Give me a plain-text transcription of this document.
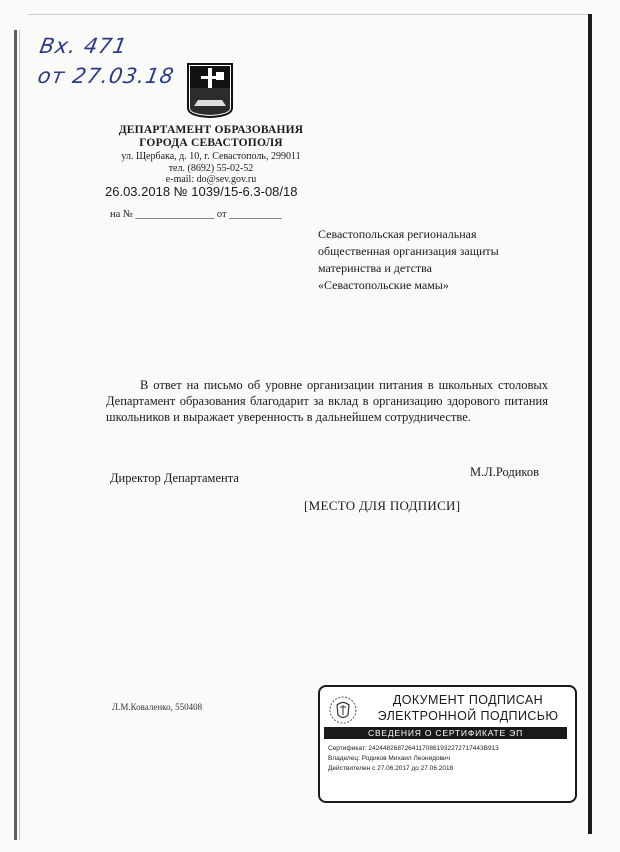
Вх. 471
от 27.03.18
ДЕПАРТАМЕНТ ОБРАЗОВАНИЯ
ГОРОДА СЕВАСТОПОЛЯ
ул. Щербака, д. 10, г. Севастополь, 299011
тел. (8692) 55-02-52
e-mail: do@sev.gov.ru
26.03.2018 № 1039/15-6.3-08/18
на № _______________ от __________
Севастопольская региональная
общественная организация защиты
материнства и детства
«Севастопольские мамы»
В ответ на письмо об уровне организации питания в школьных столовых Департамент образования благодарит за вклад в организацию здорового питания школьников и выражает уверенность в дальнейшем сотрудничестве.
Директор Департамента	М.Л.Родиков
[МЕСТО ДЛЯ ПОДПИСИ]
Л.М.Коваленко, 550408	ДОКУМЕНТ ПОДПИСАН
ЭЛЕКТРОННОЙ ПОДПИСЬЮ
СВЕДЕНИЯ О СЕРТИФИКАТЕ ЭП
Сертификат: 24244826872641170861932272717443B913
Владелец: Родиков Михаил Леонидович
Действителен с 27.06.2017 до 27.06.2018
